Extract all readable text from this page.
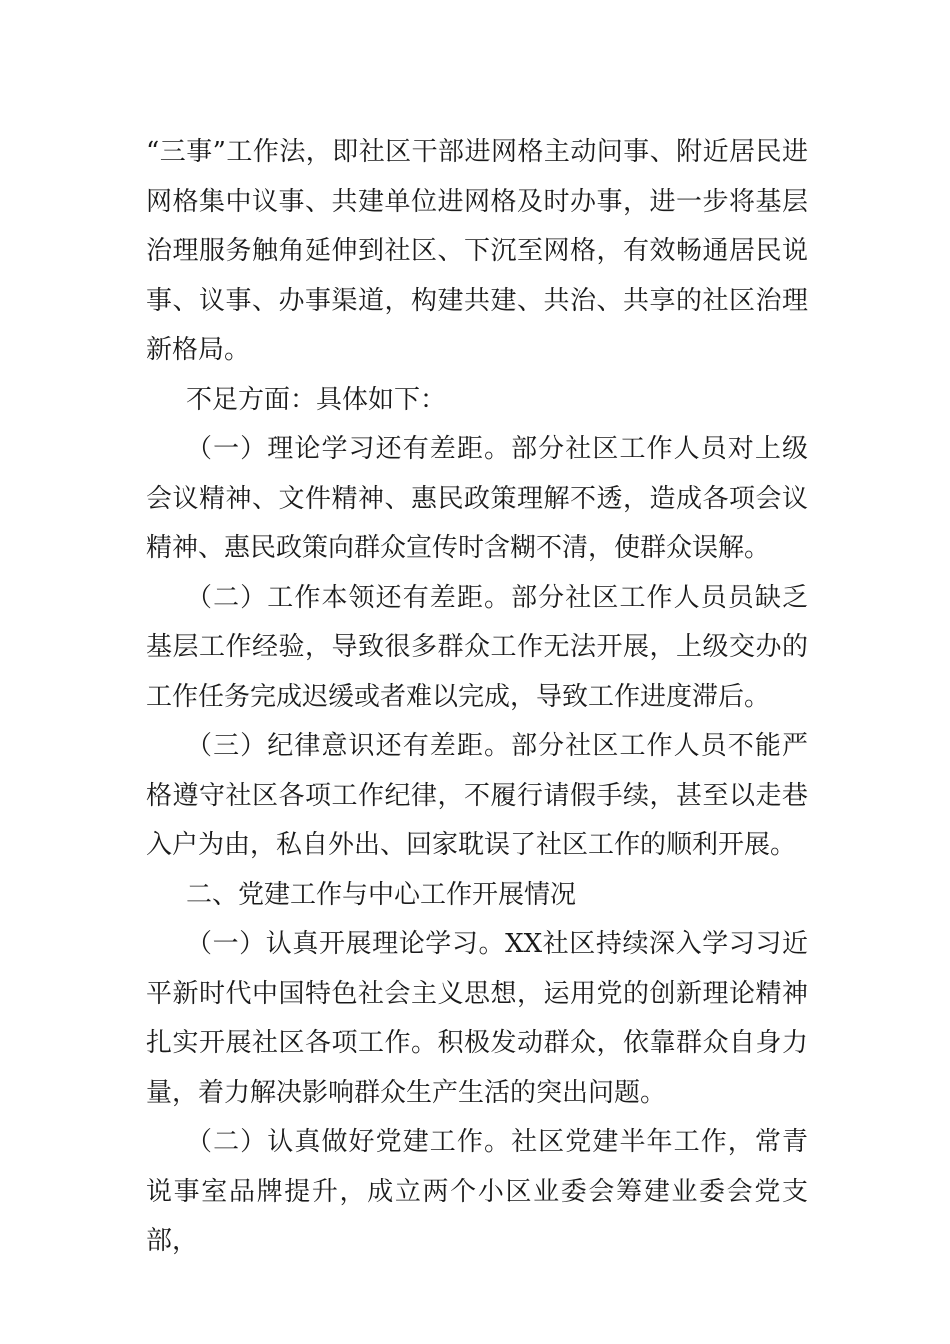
“三事”工作法，即社区干部进网格主动问事、附近居民进网格集中议事、共建单位进网格及时办事，进一步将基层治理服务触角延伸到社区、下沉至网格，有效畅通居民说事、议事、办事渠道，构建共建、共治、共享的社区治理新格局。

不足方面：具体如下：

（一）理论学习还有差距。部分社区工作人员对上级会议精神、文件精神、惠民政策理解不透，造成各项会议精神、惠民政策向群众宣传时含糊不清，使群众误解。

（二）工作本领还有差距。部分社区工作人员员缺乏基层工作经验，导致很多群众工作无法开展，上级交办的工作任务完成迟缓或者难以完成，导致工作进度滞后。

（三）纪律意识还有差距。部分社区工作人员不能严格遵守社区各项工作纪律，不履行请假手续，甚至以走巷入户为由，私自外出、回家耽误了社区工作的顺利开展。

二、党建工作与中心工作开展情况

（一）认真开展理论学习。XX社区持续深入学习习近平新时代中国特色社会主义思想，运用党的创新理论精神扎实开展社区各项工作。积极发动群众，依靠群众自身力量，着力解决影响群众生产生活的突出问题。

（二）认真做好党建工作。社区党建半年工作，常青说事室品牌提升，成立两个小区业委会筹建业委会党支部，
